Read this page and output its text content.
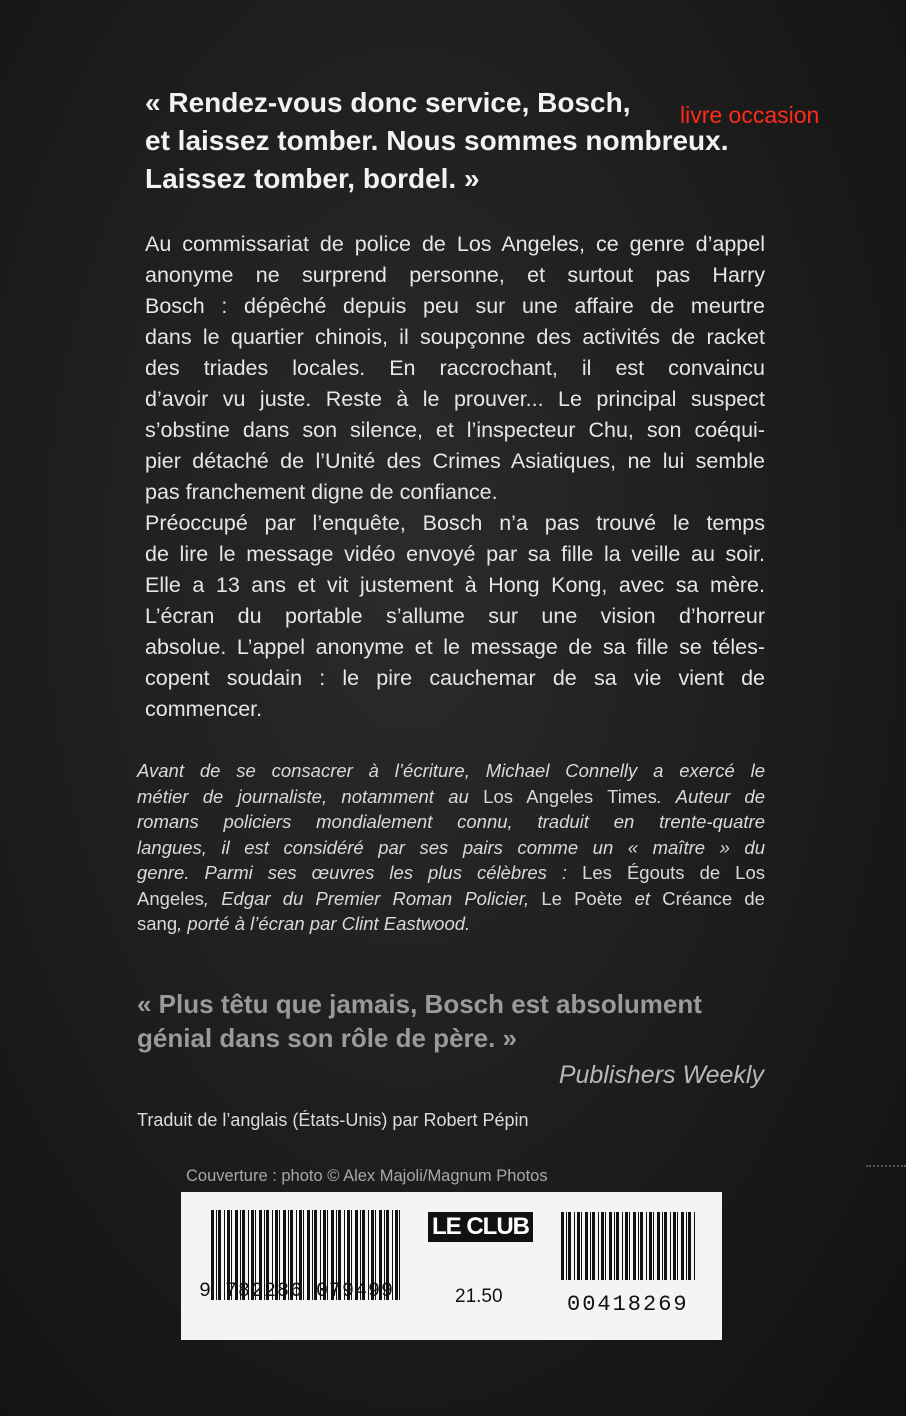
« Rendez-vous donc service, Bosch,
et laissez tomber. Nous sommes nombreux.
Laissez tomber, bordel. »
livre occasion
Au commissariat de police de Los Angeles, ce genre d’appel
anonyme ne surprend personne, et surtout pas Harry
Bosch : dépêché depuis peu sur une affaire de meurtre
dans le quartier chinois, il soupçonne des activités de racket
des triades locales. En raccrochant, il est convaincu
d’avoir vu juste. Reste à le prouver... Le principal suspect
s’obstine dans son silence, et l’inspecteur Chu, son coéqui-
pier détaché de l’Unité des Crimes Asiatiques, ne lui semble
pas franchement digne de confiance.
Préoccupé par l’enquête, Bosch n’a pas trouvé le temps
de lire le message vidéo envoyé par sa fille la veille au soir.
Elle a 13 ans et vit justement à Hong Kong, avec sa mère.
L’écran du portable s’allume sur une vision d’horreur
absolue. L’appel anonyme et le message de sa fille se téles-
copent soudain : le pire cauchemar de sa vie vient de
commencer.
Avant de se consacrer à l’écriture, Michael Connelly a exercé le
métier de journaliste, notamment au Los Angeles Times. Auteur de
romans policiers mondialement connu, traduit en trente-quatre
langues, il est considéré par ses pairs comme un « maître » du
genre. Parmi ses œuvres les plus célèbres : Les Égouts de Los
Angeles, Edgar du Premier Roman Policier, Le Poète et Créance de
sang, porté à l’écran par Clint Eastwood.
« Plus têtu que jamais, Bosch est absolument
génial dans son rôle de père. »
Publishers Weekly
Traduit de l’anglais (États-Unis) par Robert Pépin
Couverture : photo © Alex Majoli/Magnum Photos
9 782286 079499
LE CLUB
21.50	00418269
